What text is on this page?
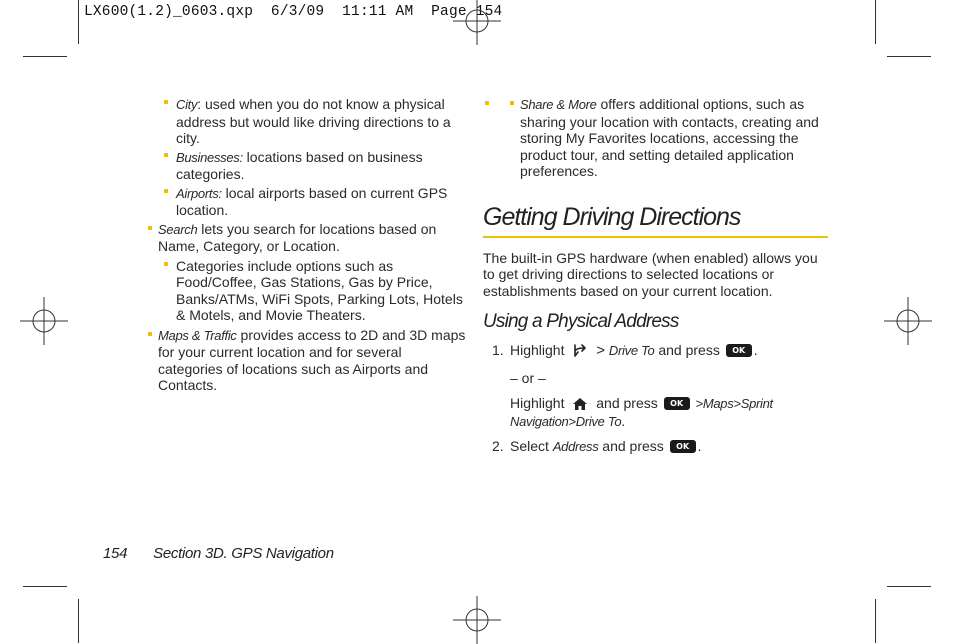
LX600(1.2)_0603.qxp  6/3/09  11:11 AM  Page 154
City: used when you do not know a physical address but would like driving directions to a city.
Businesses: locations based on business categories.
Airports: local airports based on current GPS location.
Search lets you search for locations based on Name, Category, or Location.
Categories include options such as Food/Coffee, Gas Stations, Gas by Price, Banks/ATMs, WiFi Spots, Parking Lots, Hotels & Motels, and Movie Theaters.
Maps & Traffic provides access to 2D and 3D maps for your current location and for several categories of locations such as Airports and Contacts.
Share & More offers additional options, such as sharing your location with contacts, creating and storing My Favorites locations, accessing the product tour, and setting detailed application preferences.
Getting Driving Directions

The built-in GPS hardware (when enabled) allows you to get driving directions to selected locations or establishments based on your current location.

Using a Physical Address
1. Highlight > Drive To and press OK .
– or –
Highlight and press OK	>Maps>Sprint Navigation>Drive To.
2. Select Address and press OK .
154 Section 3D. GPS Navigation
